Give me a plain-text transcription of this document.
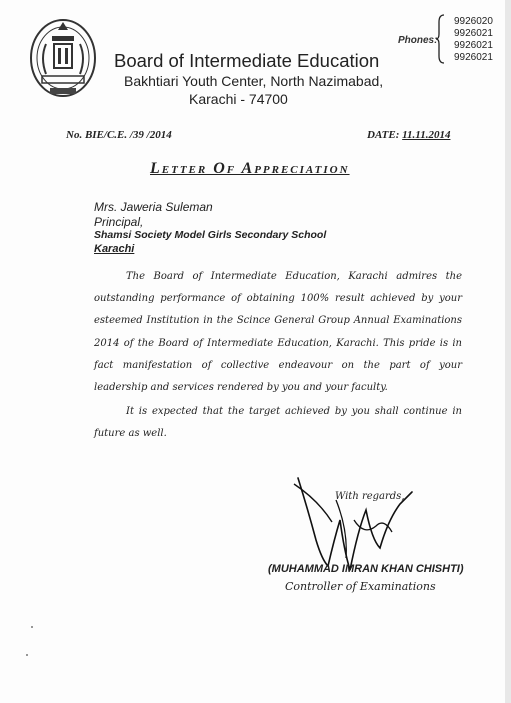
Board of Intermediate Education
Bakhtiari Youth Center, North Nazimabad,
Karachi - 74700
Phones:
9926020
9926021
9926021
9926021
No. BIE/C.E. /39 /2014	DATE: 11.11.2014
Letter Of Appreciation
Mrs. Jaweria Suleman
Principal,
Shamsi Society Model Girls Secondary School
Karachi

The Board of Intermediate Education, Karachi admires the outstanding performance of obtaining 100% result achieved by your esteemed Institution in the Scince General Group Annual Examinations 2014 of the Board of Intermediate Education, Karachi. This pride is in fact manifestation of collective endeavour on the part of your leadership and services rendered by you and your faculty.

It is expected that the target achieved by you shall continue in future as well.

With regards,
(MUHAMMAD IMRAN KHAN CHISHTI)
Controller of Examinations
